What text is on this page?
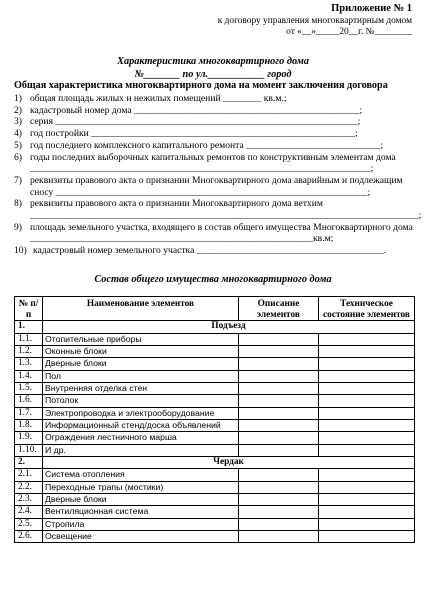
Приложение № 1
к договору управления многоквартирным домом
от «__»_____20__г. №________
Характеристика многоквартирного дома
№_______ по ул.___________ город
Общая характеристика многоквартирного дома на момент заключения договора
1) общая площадь жилых и нежилых помещений ________ кв.м.;
2) кадастровый номер дома _______________________________________________;
3) серия _______________________________________________________________;
4) год постройки _______________________________________________________;
5) год последнего комплексного капитального ремонта ____________________________;
6) годы последних выборочных капитальных ремонтов по конструктивным элементам дома _______________________________________________________________________;
7) реквизиты правового акта о признании Многоквартирного дома аварийным и подлежащим сносу _________________________________________________________________;
8) реквизиты правового акта о признании Многоквартирного дома ветхим _________________________________________________________________________________;
9) площадь земельного участка, входящего в состав общего имущества Многоквартирного дома ___________________________________________________________кв.м;
10) кадастровый номер земельного участка _______________________________________.
Состав общего имущества многоквартирного дома
№ п/п	Наименование элементов	Описание элементов	Техническое состояние элементов
1.	Подъезд		
1.1.	Отопительные приборы		
1.2.	Оконные блоки		
1.3.	Дверные блоки		
1.4.	Пол		
1.5.	Внутренняя отделка стен		
1.6.	Потолок		
1.7.	Электропроводка и электрооборудование		
1.8.	Информационный стенд/доска объявлений		
1.9.	Ограждения лестничного марша		
1.10.	И др.		
2.	Чердак		
2.1.	Система отопления		
2.2.	Переходные трапы (мостики)		
2.3.	Дверные блоки		
2.4.	Вентиляционная система		
2.5.	Стропила		
2.6.	Освещение		
